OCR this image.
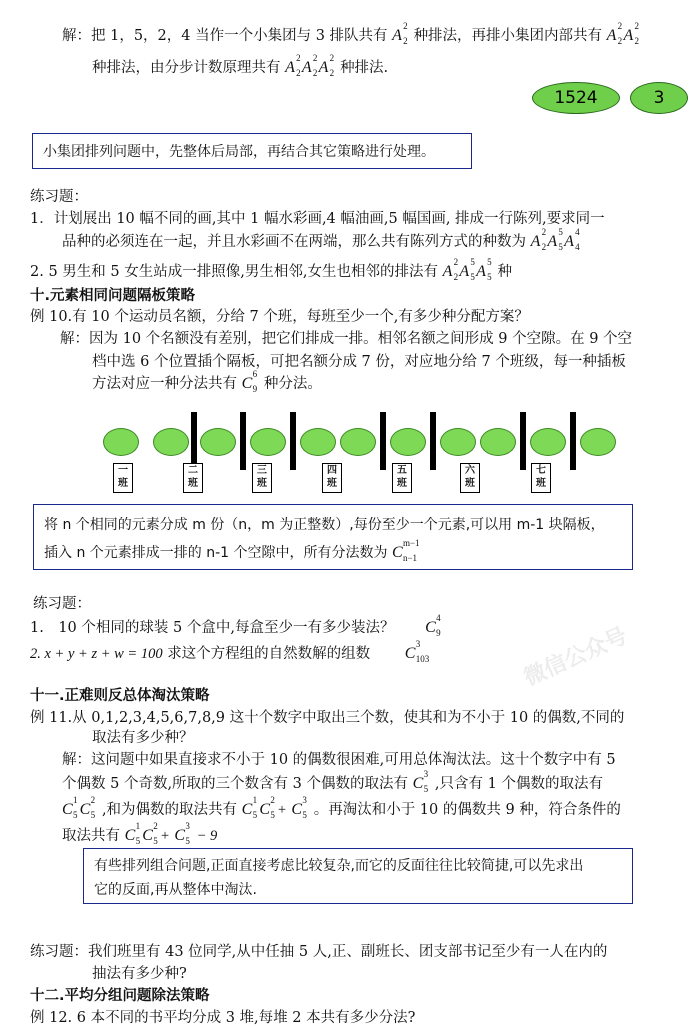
微信公众号
解：把 1，5，2，4 当作一个小集团与 3 排队共有 A
2
2 种排法，再排小集团内部共有 A
2
2 A
2
2
种排法，由分步计数原理共有 A
2
2 A
2
2 A
2
2 种排法.
1524	3
小集团排列问题中，先整体后局部，再结合其它策略进行处理。
练习题：
1．计划展出 10 幅不同的画,其中 1 幅水彩画,4 幅油画,5 幅国画, 排成一行陈列,要求同一
品种的必须连在一起，并且水彩画不在两端，那么共有陈列方式的种数为 A
2
2 A
5
5 A
4
4
2. 5 男生和 5 女生站成一排照像,男生相邻,女生也相邻的排法有 A
2
2 A
5
5 A
5
5 种
十.元素相同问题隔板策略
例 10.有 10 个运动员名额，分给 7 个班，每班至少一个,有多少种分配方案？
解：因为 10 个名额没有差别，把它们排成一排。相邻名额之间形成 9 个空隙。在 9 个空
档中选 6 个位置插个隔板，可把名额分成 7 份，对应地分给 7 个班级，每一种插板
方法对应一种分法共有 C
6
9 种分法。
一
班
二
班
三
班
四
班
五
班
六
班
七
班
将 n 个相同的元素分成 m 份（n，m 为正整数）,每份至少一个元素,可以用 m-1 块隔板，
插入 n 个元素排成一排的 n-1 个空隙中，所有分法数为 C
m−1
n−1
练习题：
1.　10 个相同的球装 5 个盒中,每盒至少一有多少装法？ C
4
9
2. x + y + z + w = 100 求这个方程组的自然数解的组数 C
3
103
十一.正难则反总体淘汰策略
例 11.从 0,1,2,3,4,5,6,7,8,9 这十个数字中取出三个数，使其和为不小于 10 的偶数,不同的
取法有多少种？
解：这问题中如果直接求不小于 10 的偶数很困难,可用总体淘汰法。这十个数字中有 5
个偶数 5 个奇数,所取的三个数含有 3 个偶数的取法有 C
3
5 ,只含有 1 个偶数的取法有
C
1
5 C
2
5 ,和为偶数的取法共有 C
1
5 C
2
5 + C
3
5 。再淘汰和小于 10 的偶数共 9 种，符合条件的
取法共有 C
1
5 C
2
5 + C
3
5 − 9
有些排列组合问题,正面直接考虑比较复杂,而它的反面往往比较简捷,可以先求出
它的反面,再从整体中淘汰.
练习题：我们班里有 43 位同学,从中任抽 5 人,正、副班长、团支部书记至少有一人在内的
抽法有多少种?
十二.平均分组问题除法策略
例 12. 6 本不同的书平均分成 3 堆,每堆 2 本共有多少分法?
